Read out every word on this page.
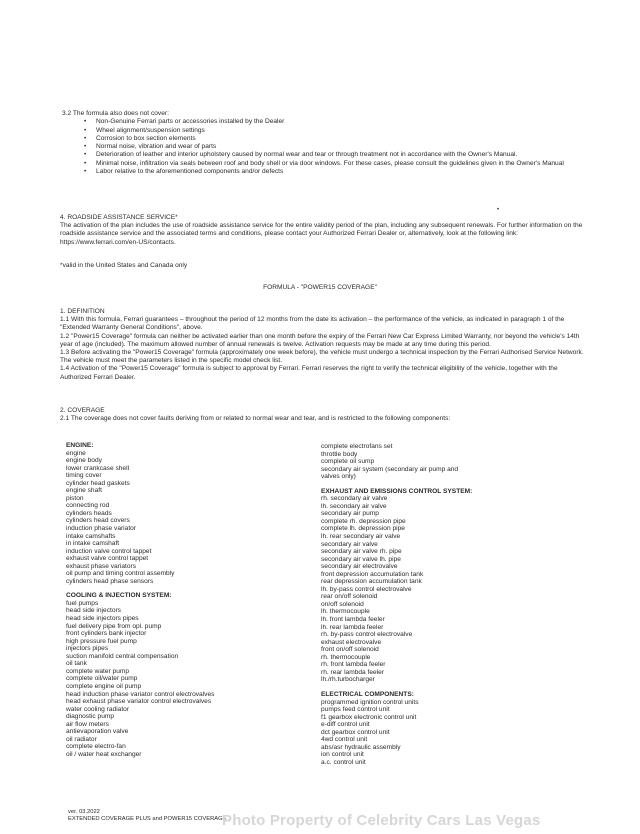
3.2 The formula also does not cover:
• Non-Genuine Ferrari parts or accessories installed by the Dealer
• Wheel alignment/suspension settings
• Corrosion to box section elements
• Normal noise, vibration and wear of parts
• Deterioration of leather and interior upholstery caused by normal wear and tear or through treatment not in accordance with the Owner's Manual.
• Minimal noise, infiltration via seals between roof and body shell or via door windows. For these cases, please consult the guidelines given in the Owner's Manual
• Labor relative to the aforementioned components and/or defects
•

4. ROADSIDE ASSISTANCE SERVICE*

The activation of the plan includes the use of roadside assistance service for the entire validity period of the plan, including any subsequent renewals. For further information on the roadside assistance service and the associated terms and conditions, please contact your Authorized Ferrari Dealer or, alternatively, look at the following link: https://www.ferrari.com/en-US/contacts.

*valid in the United States and Canada only
FORMULA - "POWER15 COVERAGE"

1. DEFINITION

1.1 With this formula, Ferrari guarantees – throughout the period of 12 months from the date its activation – the performance of the vehicle, as indicated in paragraph 1 of the "Extended Warranty General Conditions", above.

1.2 "Power15 Coverage" formula can neither be activated earlier than one month before the expiry of the Ferrari New Car Express Limited Warranty, nor beyond the vehicle's 14th year of age (included). The maximum allowed number of annual renewals is twelve. Activation requests may be made at any time during this period.

1.3 Before activating the "Power15 Coverage" formula (approximately one week before), the vehicle must undergo a technical inspection by the Ferrari Authorised Service Network.

The vehicle must meet the parameters listed in the specific model check list.

1.4 Activation of the "Power15 Coverage" formula is subject to approval by Ferrari. Ferrari reserves the right to verify the technical eligibility of the vehicle, together with the Authorized Ferrari Dealer.

2. COVERAGE

2.1 The coverage does not cover faults deriving from or related to normal wear and tear, and is restricted to the following components:

ENGINE:
engine
engine body
lower crankcase shell
timing cover
cylinder head gaskets
engine shaft
piston
connecting rod
cylinders heads
cylinders head covers
induction phase variator
intake camshafts
in intake camshaft
induction valve control tappet
exhaust valve control tappet
exhaust phase variators
oil pump and timing control assembly
cylinders head phase sensors
COOLING & INJECTION SYSTEM:
fuel pumps
head side injectors
head side injectors pipes
fuel delivery pipe from opl. pump
front cylinders bank injector
high pressure fuel pump
injectors pipes
suction manifold central compensation
oil tank
complete water pump
complete oil/water pump
complete engine oil pump
head induction phase variator control electrovalves
head exhaust phase variator control electrovalves
water cooling radiator
diagnostic pump
air flow meters
antievaporation valve
oil radiator
complete electro-fan
oil / water heat exchanger
complete electrofans set
throttle body
complete oil sump
secondary air system (secondary air pump and
valves only)
EXHAUST AND EMISSIONS CONTROL SYSTEM:
rh. secondary air valve
lh. secondary air valve
secondary air pump
complete rh. depression pipe
complete lh. depression pipe
lh. rear secondary air valve
secondary air valve
secondary air valve rh. pipe
secondary air valve lh. pipe
secondary air electrovalve
front depression accumulation tank
rear depression accumulation tank
lh. by-pass control electrovalve
rear on/off solenoid
on/off solenoid
lh. thermocouple
lh. front lambda feeler
lh. rear lambda feeler
rh. by-pass control electrovalve
exhaust electrovalve
front on/off solenoid
rh. thermocouple
rh. front lambda feeler
rh. rear lambda feeler
lh./rh.turbocharger
ELECTRICAL COMPONENTS:
programmed ignition control units
pumps feed control unit
f1 gearbox electronic control unit
e-diff control unit
dct gearbox control unit
4wd control unit
abs/asr hydraulic assembly
ion control unit
a.c. control unit
ver. 03.2022
EXTENDED COVERAGE PLUS and POWER15 COVERAGE
Photo Property of Celebrity Cars Las Vegas
